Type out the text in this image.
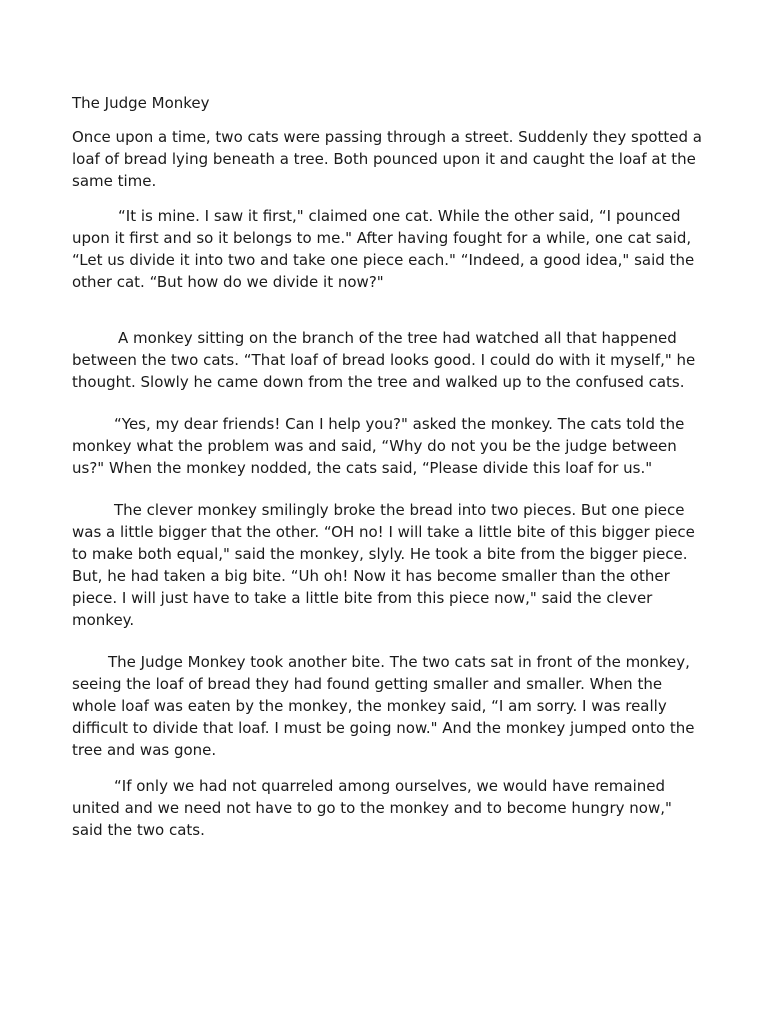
The Judge Monkey

Once upon a time, two cats were passing through a street. Suddenly they spotted a loaf of bread lying beneath a tree. Both pounced upon it and caught the loaf at the same time.

“It is mine. I saw it first," claimed one cat. While the other said, “I pounced upon it first and so it belongs to me." After having fought for a while, one cat said, “Let us divide it into two and take one piece each." “Indeed, a good idea," said the other cat. “But how do we divide it now?"

A monkey sitting on the branch of the tree had watched all that happened between the two cats. “That loaf of bread looks good. I could do with it myself," he thought. Slowly he came down from the tree and walked up to the confused cats.

“Yes, my dear friends! Can I help you?" asked the monkey. The cats told the monkey what the problem was and said, “Why do not you be the judge between us?" When the monkey nodded, the cats said, “Please divide this loaf for us."

The clever monkey smilingly broke the bread into two pieces. But one piece was a little bigger that the other. “OH no! I will take a little bite of this bigger piece to make both equal," said the monkey, slyly. He took a bite from the bigger piece. But, he had taken a big bite. “Uh oh! Now it has become smaller than the other piece. I will just have to take a little bite from this piece now," said the clever monkey.

The Judge Monkey took another bite. The two cats sat in front of the monkey, seeing the loaf of bread they had found getting smaller and smaller. When the whole loaf was eaten by the monkey, the monkey said, “I am sorry. I was really difficult to divide that loaf. I must be going now." And the monkey jumped onto the tree and was gone.

“If only we had not quarreled among ourselves, we would have remained united and we need not have to go to the monkey and to become hungry now," said the two cats.
